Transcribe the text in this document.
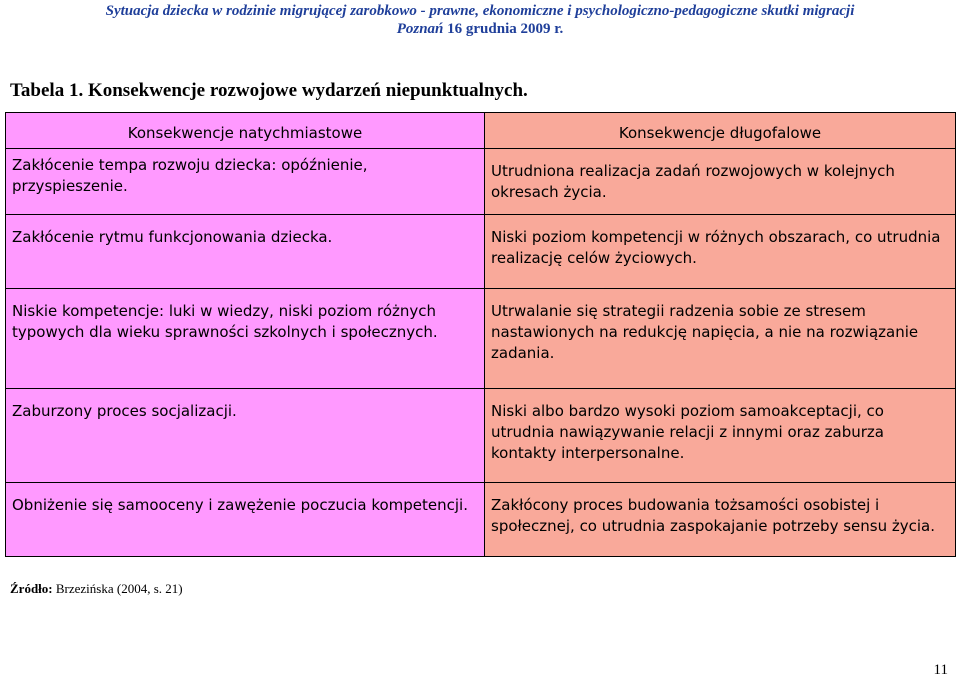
Sytuacja dziecka w rodzinie migrującej zarobkowo - prawne, ekonomiczne i psychologiczno-pedagogiczne skutki migracji
Poznań 16 grudnia 2009 r.
Tabela 1. Konsekwencje rozwojowe wydarzeń niepunktualnych.
Konsekwencje natychmiastowe	Konsekwencje długofalowe
Zakłócenie tempa rozwoju dziecka: opóźnienie, przyspieszenie.	Utrudniona realizacja zadań rozwojowych w kolejnych okresach życia.
Zakłócenie rytmu funkcjonowania dziecka.	Niski poziom kompetencji w różnych obszarach, co utrudnia realizację celów życiowych.
Niskie kompetencje: luki w wiedzy, niski poziom różnych typowych dla wieku sprawności szkolnych i społecznych.	Utrwalanie się strategii radzenia sobie ze stresem nastawionych na redukcję napięcia, a nie na rozwiązanie zadania.
Zaburzony proces socjalizacji.	Niski albo bardzo wysoki poziom samoakceptacji, co utrudnia nawiązywanie relacji z innymi oraz zaburza kontakty interpersonalne.
Obniżenie się samooceny i zawężenie poczucia kompetencji.	Zakłócony proces budowania tożsamości osobistej i społecznej, co utrudnia zaspokajanie potrzeby sensu życia.
Źródło: Brzezińska (2004, s. 21)
11
